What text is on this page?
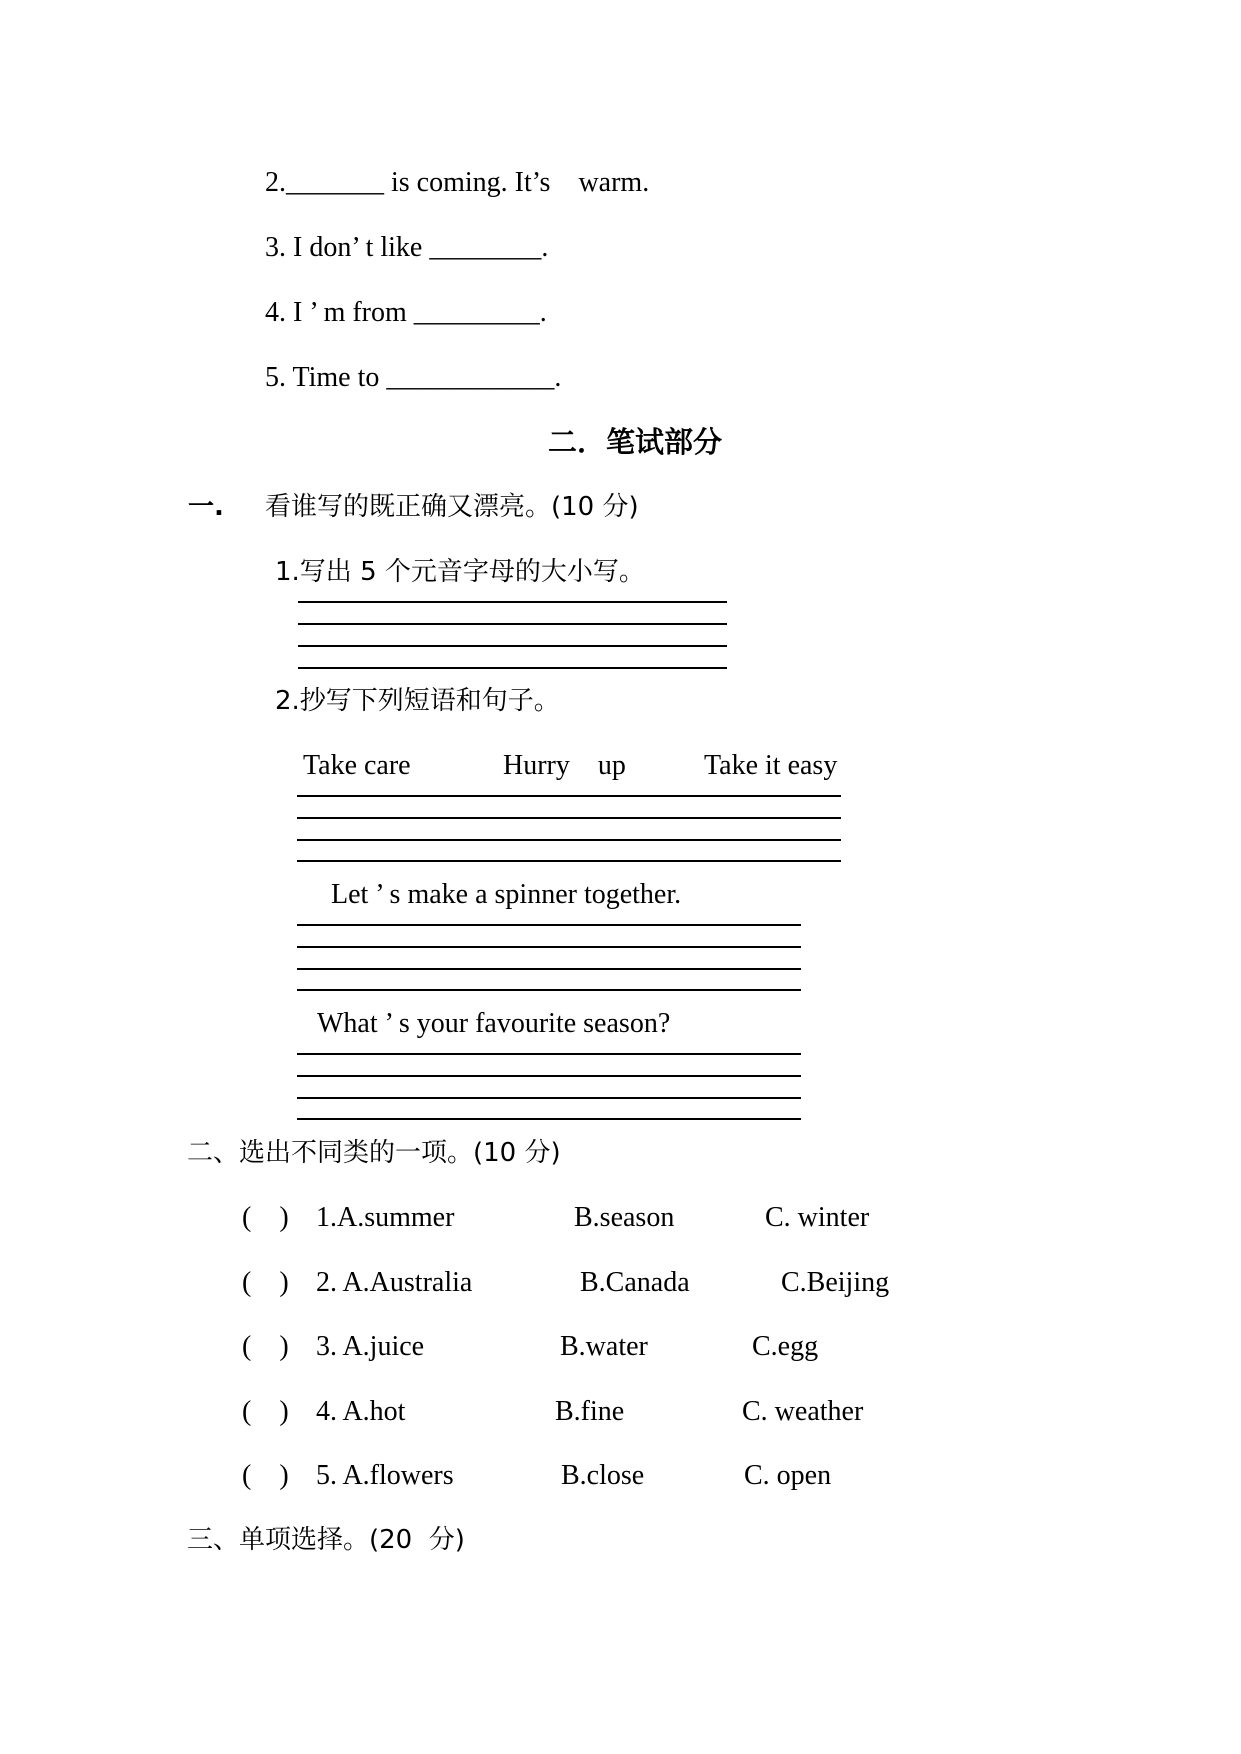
2._______ is coming. It’s    warm.
3. I don’ t like ________.
4. I ’ m from _________.
5. Time to ____________.
二．笔试部分
一. 看谁写的既正确又漂亮。(10 分)
1.写出 5 个元音字母的大小写。
2.抄写下列短语和句子。
Take care	Hurry    up	Take it easy
Let ’ s make a spinner together.
What ’ s your favourite season?
二、选出不同类的一项。(10 分)
(    ) 1.A.summer	B.season	C. winter
(    ) 2. A.Australia	B.Canada	C.Beijing
(    ) 3. A.juice	B.water	C.egg
(    ) 4. A.hot	B.fine	C. weather
(    ) 5. A.flowers	B.close	C. open
三、单项选择。(20  分)
